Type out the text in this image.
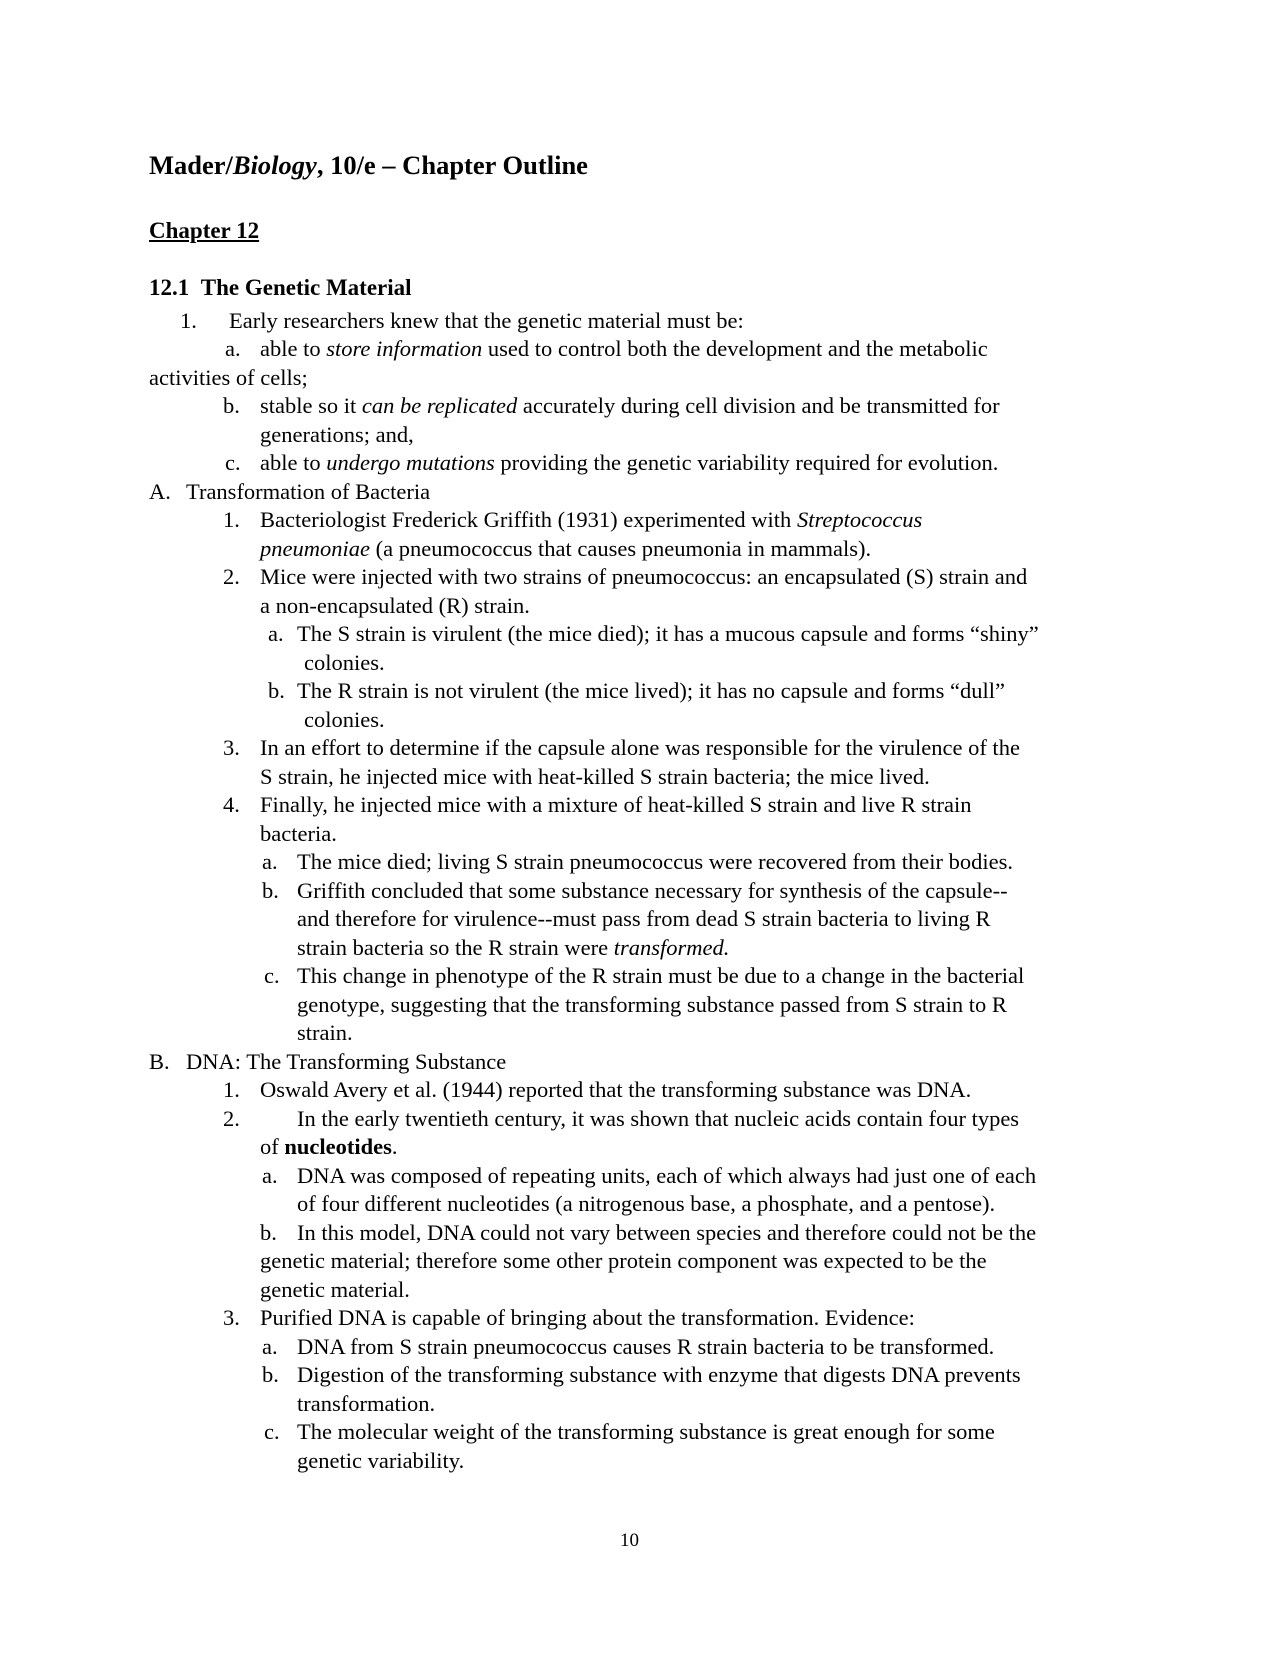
Mader/Biology, 10/e – Chapter Outline
Chapter 12
12.1 The Genetic Material
1. Early researchers knew that the genetic material must be:
a. able to store information used to control both the development and the metabolic
activities of cells;
b. stable so it can be replicated accurately during cell division and be transmitted for
generations; and,
c. able to undergo mutations providing the genetic variability required for evolution.
A. Transformation of Bacteria
1. Bacteriologist Frederick Griffith (1931) experimented with Streptococcus
pneumoniae (a pneumococcus that causes pneumonia in mammals).
2. Mice were injected with two strains of pneumococcus: an encapsulated (S) strain and
a non-encapsulated (R) strain.
a. The S strain is virulent (the mice died); it has a mucous capsule and forms “shiny”
colonies.
b. The R strain is not virulent (the mice lived); it has no capsule and forms “dull”
colonies.
3. In an effort to determine if the capsule alone was responsible for the virulence of the
S strain, he injected mice with heat-killed S strain bacteria; the mice lived.
4. Finally, he injected mice with a mixture of heat-killed S strain and live R strain
bacteria.
a. The mice died; living S strain pneumococcus were recovered from their bodies.
b. Griffith concluded that some substance necessary for synthesis of the capsule--
and therefore for virulence--must pass from dead S strain bacteria to living R
strain bacteria so the R strain were transformed.
c. This change in phenotype of the R strain must be due to a change in the bacterial
genotype, suggesting that the transforming substance passed from S strain to R
strain.
B. DNA: The Transforming Substance
1. Oswald Avery et al. (1944) reported that the transforming substance was DNA.
2.	In the early twentieth century, it was shown that nucleic acids contain four types
of nucleotides.
a. DNA was composed of repeating units, each of which always had just one of each
of four different nucleotides (a nitrogenous base, a phosphate, and a pentose).
b. In this model, DNA could not vary between species and therefore could not be the
genetic material; therefore some other protein component was expected to be the
genetic material.
3. Purified DNA is capable of bringing about the transformation. Evidence:
a. DNA from S strain pneumococcus causes R strain bacteria to be transformed.
b. Digestion of the transforming substance with enzyme that digests DNA prevents
transformation.
c. The molecular weight of the transforming substance is great enough for some
genetic variability.
10
